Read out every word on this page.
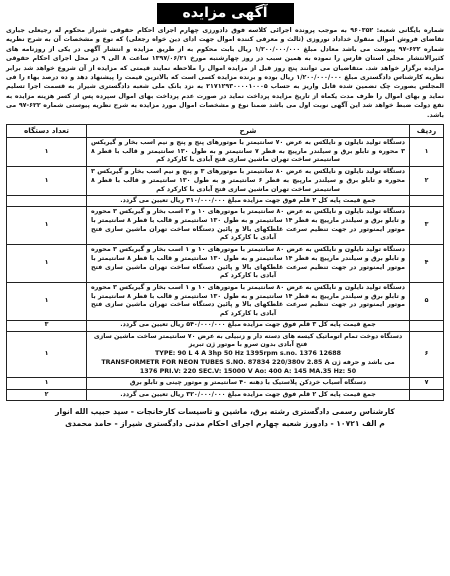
آگهی مزایده

شماره بایگانی شعبه: ۹۶۰۳۵۲ به موجب پرونده اجرائی کلاسه فوق دادورزی چهارم اجرای احکام حقوقی شیراز محکوم له رجیعلی جباری تقاضای فروش اموال منقول خداداد نوروزی (ثالث و معرفی کننده اموال جهت ادای دین خواه رجعلی) که نوع و مشخصات آن به شرح نظریه شماره ۶۲۲-۹۷ پیوست می باشد معادل مبلغ ۱/۲۰۰/۰۰۰/۰۰۰ ریال بابت محکوم به از طریق مزایده و انتشار آگهی در یکی از روزنامه های کثیرالانتشار محلی استان فارس را نموده به همین سبب در روز چهارشنبه مورخ ۱۳۹۷/۰۶/۲۱ ساعت ۸ الی ۹ در محل اجرای احکام حقوقی مزایده برگزار خواهد شد. متقاضیان می توانند پنج روز قبل از مزایده اموال را ملاحظه نمایند قیمتی که مزایده از آن شروع خواهد شد برابر نظریه کارشناس دادگستری مبلغ ۱/۲۰۰/۰۰۰/۰۰۰ ریال بوده و برنده مزایده کسی است که بالاترین قیمت را پیشنهاد دهد و ده درصد بهاء را فی المجلس بصورت چک تضمین شده قابل واریز به حساب ۲۱۷۱۲۹۳۰۰۰۰۱۰۰۰۵ به نزد بانک ملی شعبه دادگستری شیراز به قسمت اجرا تسلیم نماید و بهای اموال را ظرف مدت یکماه از تاریخ مزایده پرداخت نماید در صورت عدم پرداخت بهای اموال سپرده پس از کسر هزینه مزایده به نفع دولت ضبط خواهد شد این آگهی نوبت اول می باشد ضمنا نوع و مشخصات اموال مورد مزایده به شرح نظریه پیوستی شماره ۶۲۲-۹۷ می باشد.

ردیف	شرح	تعداد دستگاه
۱	دستگاه تولید نایلون و نایلکس به عرض ۷۰ سانتیمتر با موتورهای پنج و پنج و نیم اسب بخار و گیربکس ۳ محوره و تابلو برق و سیلندر مارپیچ به قطر ۷ سانتیمتر و به طول ۱۳۰ سانتیمتر و قالب با قطر ۸ سانتیمتر ساخت تهران ماشین سازی فتح آبادی با کارکرد کم	۱
۲	دستگاه تولید نایلون و نایلکس به عرض ۸۰ سانتیمتر با موتورهای ۳ و پنج و نیم اسب بخار و گیربکس ۳ محوره و تابلو برق و سیلندر مارپیچ به قطر ۶ سانتیمتر و به طول ۱۳۰ سانتیمتر و قالب با قطر ۸ سانتیمتر ساخت تهران ماشین سازی فتح آبادی با کارکرد کم	۱
	جمع قیمت پایه کل ۲ قلم فوق جهت مزایده مبلغ ۳۱۰/۰۰۰/۰۰۰ ریال تعیین می گردد.	
۳	دستگاه تولید نایلون و نایلکس به عرض ۸۰ سانتیمتر با موتورهای ۱۰ و ۲ اسب بخار و گیربکس ۳ محوره و تابلو برق و سیلندر مارپیچ به قطر ۱۴ سانتیمتر و به طول ۱۳۰ سانتیمتر و قالب با قطر ۸ سانتیمتر با موتور ایمنوتور در جهت تنظیم سرعت غلطکهای بالا و پائین دستگاه ساخت تهران ماشین سازی فتح آبادی با کارکرد کم	۱
۴	دستگاه تولید نایلون و نایلکس به عرض ۸۰ سانتیمتر با موتورهای ۱۰ و ۱ اسب بخار و گیربکس ۳ محوره و تابلو برق و سیلندر مارپیچ به قطر ۱۴ سانتیمتر و به طول ۱۳۰ سانتیمتر و قالب با قطر ۸ سانتیمتر با موتور ایمنوتور در جهت تنظیم سرعت غلطکهای بالا و پائین دستگاه ساخت تهران ماشین سازی فتح آبادی با کارکرد کم	۱
۵	دستگاه تولید نایلون و نایلکس به عرض ۸۰ سانتیمتر با موتورهای ۱۰ و ۱ اسب بخار و گیربکس ۳ محوره و تابلو برق و سیلندر مارپیچ به قطر ۱۴ سانتیمتر و به طول ۱۳۰ سانتیمتر و قالب با قطر ۸ سانتیمتر با موتور ایمنوتور در جهت تنظیم سرعت غلطکهای بالا و پائین دستگاه ساخت تهران ماشین سازی فتح آبادی با کارکرد کم	۱
	جمع قیمت پایه کل ۳ قلم فوق جهت مزایده مبلغ ۵۴۰/۰۰۰/۰۰۰ ریال تعیین می گردد.	۳
۶	دستگاه دوخت تمام اتوماتیک کیسه های دسته دار و زنبیلی به عرض ۷۰ سانتیمتر ساخت ماشین سازی فتح آبادی بدون سرو با موتور ژن تبریز
TYPE: 90 L 4 A 3hp 50 Hz 1395rpm s.no. 1376 12688
TRANSFORMETR FOR NEON TUBES S.NO. 87834 220/380v 2.85 A می باشد و حرفه ژن
1376 PRI.V: 220 SEC.V: 15000 V Ao: 400 A: 145 MA.35 Hz: 50	۱
۷	دستگاه آسیاب خردکن پلاستیک با دهنه ۴۰ سانتیمتر و موتور چینی و تابلو برق	۱
	جمع قیمت پایه کل ۲ قلم فوق جهت مزایده مبلغ ۳۲۰/۰۰۰/۰۰۰ ریال تعیین می گردد.	۲
کارشناس رسمی دادگستری رشته برق، ماشین و تاسیسات کارخانجات - سید حبیب الله انوار
م الف ۱۰۷۲۱ - دادورز شعبه چهارم اجرای احکام مدنی دادگستری شیراز - حامد محمدی
